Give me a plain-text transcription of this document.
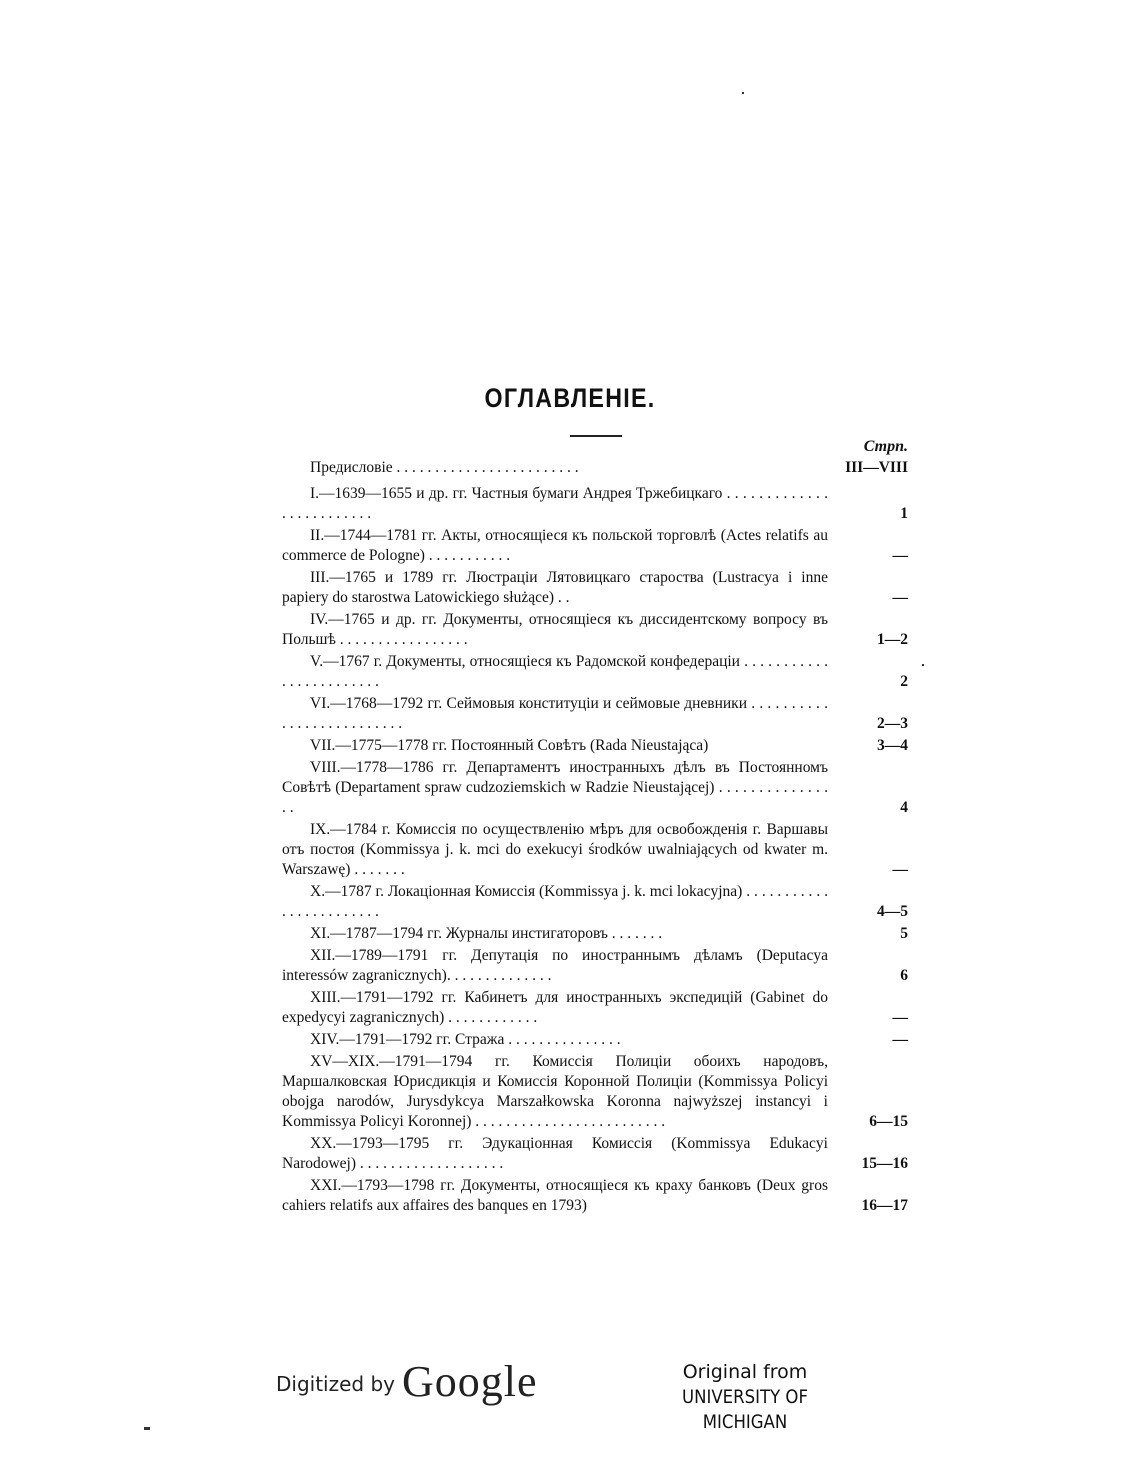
ОГЛАВЛЕНІЕ.
Стрп.
Предисловіе . . . . . . . . . . . . . . . . . . . . . . . .	III—VIII
I.—1639—1655 и др. гг. Частныя бумаги Андрея Тржебицкаго . . . . . . . . . . . . . . . . . . . . . . . . .	1
II.—1744—1781 гг. Акты, относящіеся къ польской торговлѣ (Actes relatifs au commerce de Pologne) . . . . . . . . . . .	—
III.—1765 и 1789 гг. Люстраціи Лятовицкаго староства (Lustracya i inne papiery do starostwa Latowickiego służące) . .	—
IV.—1765 и др. гг. Документы, относящіеся къ диссидентскому вопросу въ Польшѣ . . . . . . . . . . . . . . . . .	1—2
V.—1767 г. Документы, относящіеся къ Радомской конфедераціи . . . . . . . . . . . . . . . . . . . . . . . .	2
VI.—1768—1792 гг. Сеймовыя конституціи и сеймовые дневники . . . . . . . . . . . . . . . . . . . . . . . . . .	2—3
VII.—1775—1778 гг. Постоянный Совѣтъ (Rada Nieustająca)	3—4
VIII.—1778—1786 гг. Департаментъ иностранныхъ дѣлъ въ Постоянномъ Совѣтѣ (Departament spraw cudzoziemskich w Radzie Nieustającej) . . . . . . . . . . . . . . . .	4
IX.—1784 г. Комиссія по осуществленію мѣръ для освобожденія г. Варшавы отъ постоя (Kommissya j. k. mci do exekucyi środków uwalniających od kwater m. Warszawę) . . . . . . .	—
X.—1787 г. Локаціонная Комиссія (Kommissya j. k. mci lokacyjna) . . . . . . . . . . . . . . . . . . . . . . . .	4—5
XI.—1787—1794 гг. Журналы инстигаторовъ . . . . . . .	5
XII.—1789—1791 гг. Депутація по иностраннымъ дѣламъ (Deputacya interessów zagranicznych). . . . . . . . . . . . . .	6
XIII.—1791—1792 гг. Кабинетъ для иностранныхъ экспедицій (Gabinet do expedycyi zagranicznych) . . . . . . . . . . . .	—
XIV.—1791—1792 гг. Стража . . . . . . . . . . . . . . .	—
XV—XIX.—1791—1794 гг. Комиссія Полиціи обоихъ народовъ, Маршалковская Юрисдикція и Комиссія Коронной Полиціи (Kommissya Policyi obojga narodów, Jurysdykcya Marszałkowska Koronna najwyższej instancyi i Kommissya Policyi Koronnej) . . . . . . . . . . . . . . . . . . . . . . . . .	6—15
XX.—1793—1795 гг. Эдукаціонная Комиссія (Kommissya Edukacyi Narodowej) . . . . . . . . . . . . . . . . . . .	15—16
XXI.—1793—1798 гг. Документы, относящіеся къ краху банковъ (Deux gros cahiers relatifs aux affaires des banques en 1793)	16—17
Digitized by Google	Original from

UNIVERSITY OF MICHIGAN
